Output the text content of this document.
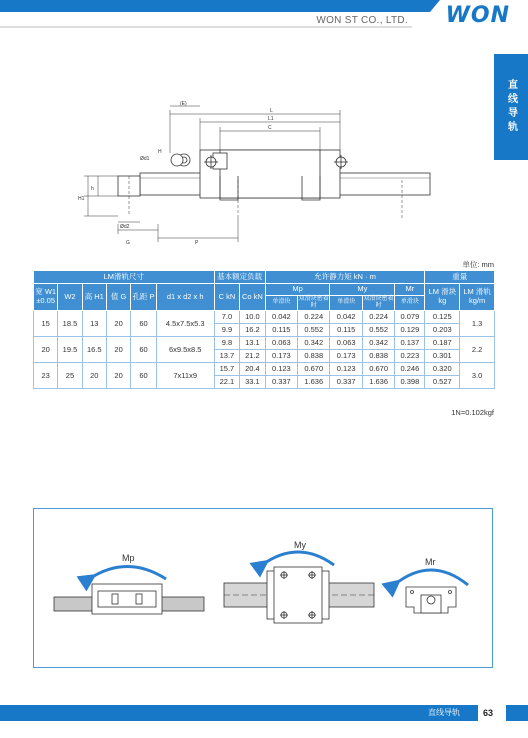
WON ST CO., LTD. WON
直线导轨
(E)
L
L1
C
Ød1
H
h
H1
Ød2
G	P
单位: mm
LM滑轨尺寸						基本额定负载		允许静力矩 kN · m					重量	
宽 W1 ±0.05	W2	高 H1	值 G	孔距 P	d1 x d2 x h	C kN	Co kN	Mp		My		Mr	LM 滑块 kg	LM 滑轨 kg/m
								单滑块	双滑块密着时	单滑块	双滑块密着时	单滑块		
15	18.5	13	20	60	4.5x7.5x5.3	7.0	10.0	0.042	0.224	0.042	0.224	0.079	0.125	1.3
						9.9	16.2	0.115	0.552	0.115	0.552	0.129	0.203	
20	19.5	16.5	20	60	6x9.5x8.5	9.8	13.1	0.063	0.342	0.063	0.342	0.137	0.187	2.2
						13.7	21.2	0.173	0.838	0.173	0.838	0.223	0.301	
23	25	20	20	60	7x11x9	15.7	20.4	0.123	0.670	0.123	0.670	0.246	0.320	3.0
						22.1	33.1	0.337	1.636	0.337	1.636	0.398	0.527	
1N=0.102kgf
Mp
My
Mr
直线导轨	63
